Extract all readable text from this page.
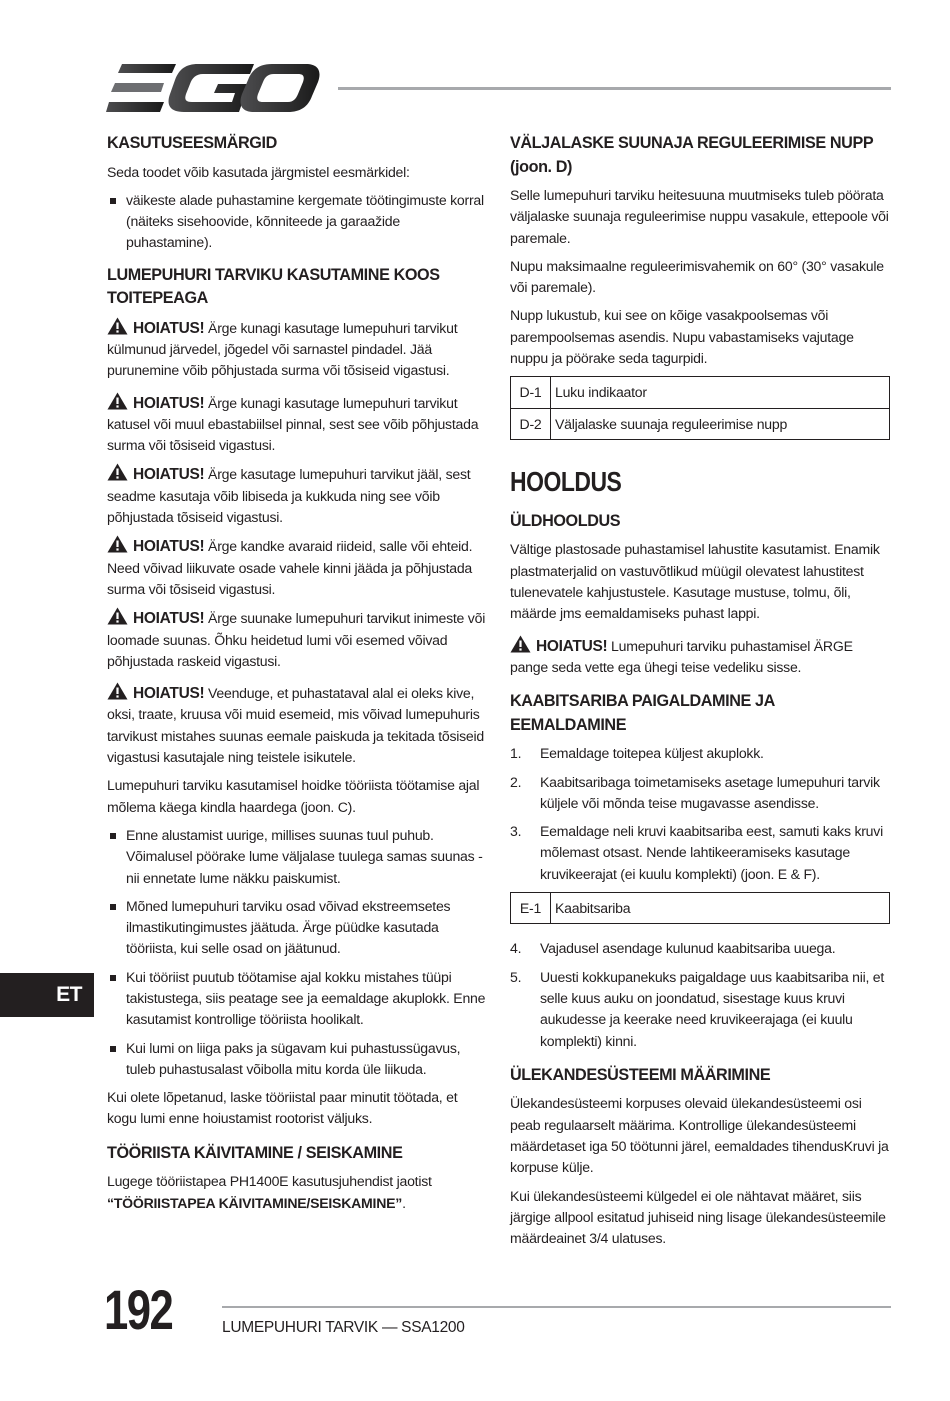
KASUTUSEESMÄRGID

Seda toodet võib kasutada järgmistel eesmärkidel:

väikeste alade puhastamine kergemate töötingimuste korral (näiteks sisehoovide, kõnniteede ja garaažide puhastamine).
LUMEPUHURI TARVIKU KASUTAMINE KOOS TOITEPEAGA

HOIATUS! Ärge kunagi kasutage lumepuhuri tarvikut külmunud järvedel, jõgedel või sarnastel pindadel. Jää purunemine võib põhjustada surma või tõsiseid vigastusi.

HOIATUS! Ärge kunagi kasutage lumepuhuri tarvikut katusel või muul ebastabiilsel pinnal, sest see võib põhjustada surma või tõsiseid vigastusi.

HOIATUS! Ärge kasutage lumepuhuri tarvikut jääl, sest seadme kasutaja võib libiseda ja kukkuda ning see võib põhjustada tõsiseid vigastusi.

HOIATUS! Ärge kandke avaraid riideid, salle või ehteid. Need võivad liikuvate osade vahele kinni jääda ja põhjustada surma või tõsiseid vigastusi.

HOIATUS! Ärge suunake lumepuhuri tarvikut inimeste või loomade suunas. Õhku heidetud lumi või esemed võivad põhjustada raskeid vigastusi.

HOIATUS! Veenduge, et puhastataval alal ei oleks kive, oksi, traate, kruusa või muid esemeid, mis võivad lumepuhuris tarvikust mistahes suunas eemale paiskuda ja tekitada tõsiseid vigastusi kasutajale ning teistele isikutele.

Lumepuhuri tarviku kasutamisel hoidke tööriista töötamise ajal mõlema käega kindla haardega (joon. C).

Enne alustamist uurige, millises suunas tuul puhub. Võimalusel pöörake lume väljalase tuulega samas suunas - nii ennetate lume näkku paiskumist.
Mõned lumepuhuri tarviku osad võivad ekstreemsetes ilmastikutingimustes jäätuda. Ärge püüdke kasutada tööriista, kui selle osad on jäätunud.
Kui tööriist puutub töötamise ajal kokku mistahes tüüpi takistustega, siis peatage see ja eemaldage akuplokk. Enne kasutamist kontrollige tööriista hoolikalt.
Kui lumi on liiga paks ja sügavam kui puhastussügavus, tuleb puhastusalast võibolla mitu korda üle liikuda.

Kui olete lõpetanud, laske tööriistal paar minutit töötada, et kogu lumi enne hoiustamist rootorist väljuks.

TÖÖRIISTA KÄIVITAMINE / SEISKAMINE

Lugege tööriistapea PH1400E kasutusjuhendist jaotist “TÖÖRIISTAPEA KÄIVITAMINE/SEISKAMINE”.

VÄLJALASKE SUUNAJA REGULEERIMISE NUPP (joon. D)

Selle lumepuhuri tarviku heitesuuna muutmiseks tuleb pöörata väljalaske suunaja reguleerimise nuppu vasakule, ettepoole või paremale.

Nupu maksimaalne reguleerimisvahemik on 60° (30° vasakule või paremale).

Nupp lukustub, kui see on kõige vasakpoolsemas või parempoolsemas asendis. Nupu vabastamiseks vajutage nuppu ja pöörake seda tagurpidi.

D-1	Luku indikaator
D-2	Väljalaske suunaja reguleerimise nupp
HOOLDUS
ÜLDHOOLDUS

Vältige plastosade puhastamisel lahustite kasutamist. Enamik plastmaterjalid on vastuvõtlikud müügil olevatest lahustitest tulenevatele kahjustustele. Kasutage mustuse, tolmu, õli, määrde jms eemaldamiseks puhast lappi.

HOIATUS! Lumepuhuri tarviku puhastamisel ÄRGE pange seda vette ega ühegi teise vedeliku sisse.

KAABITSARIBA PAIGALDAMINE JA EEMALDAMINE
1. Eemaldage toitepea küljest akuplokk.
2. Kaabitsaribaga toimetamiseks asetage lumepuhuri tarvik küljele või mõnda teise mugavasse asendisse.
3. Eemaldage neli kruvi kaabitsariba eest, samuti kaks kruvi mõlemast otsast. Nende lahtikeeramiseks kasutage kruvikeerajat (ei kuulu komplekti) (joon. E & F).
E-1	Kaabitsariba
4. Vajadusel asendage kulunud kaabitsariba uuega.
5. Uuesti kokkupanekuks paigaldage uus kaabitsariba nii, et selle kuus auku on joondatud, sisestage kuus kruvi aukudesse ja keerake need kruvikeerajaga (ei kuulu komplekti) kinni.
ÜLEKANDESÜSTEEMI MÄÄRIMINE

Ülekandesüsteemi korpuses olevaid ülekandesüsteemi osi peab regulaarselt määrima. Kontrollige ülekandesüsteemi määrdetaset iga 50 töötunni järel, eemaldades tihendusKruvi ja korpuse külje.

Kui ülekandesüsteemi külgedel ei ole nähtavat määret, siis järgige allpool esitatud juhiseid ning lisage ülekandesüsteemile määrdeainet 3/4 ulatuses.

ET
192	LUMEPUHURI TARVIK — SSA1200
